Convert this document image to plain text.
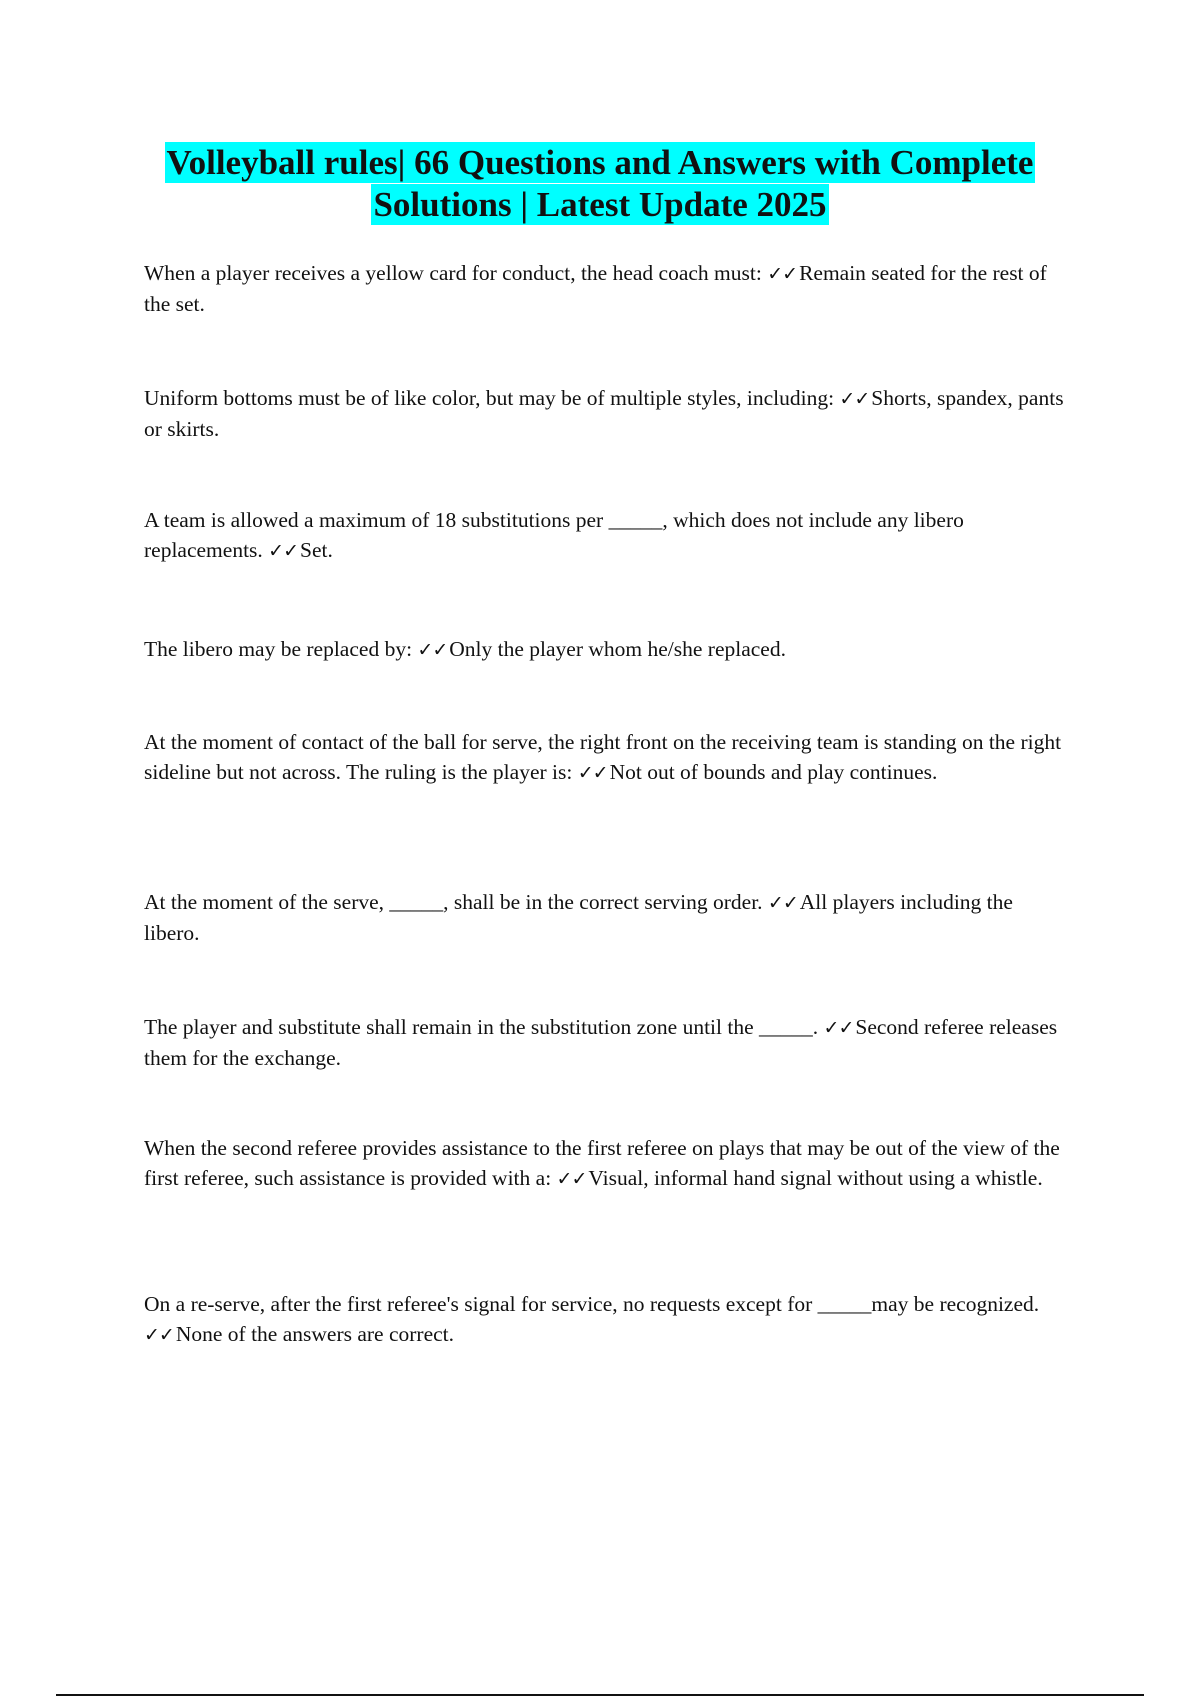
Volleyball rules| 66 Questions and Answers with Complete Solutions | Latest Update 2025

When a player receives a yellow card for conduct, the head coach must: ✓✓Remain seated for the rest of the set.

Uniform bottoms must be of like color, but may be of multiple styles, including: ✓✓Shorts, spandex, pants or skirts.

A team is allowed a maximum of 18 substitutions per _____, which does not include any libero replacements. ✓✓Set.

The libero may be replaced by: ✓✓Only the player whom he/she replaced.

At the moment of contact of the ball for serve, the right front on the receiving team is standing on the right sideline but not across. The ruling is the player is: ✓✓Not out of bounds and play continues.

At the moment of the serve, _____, shall be in the correct serving order. ✓✓All players including the libero.

The player and substitute shall remain in the substitution zone until the _____. ✓✓Second referee releases them for the exchange.

When the second referee provides assistance to the first referee on plays that may be out of the view of the first referee, such assistance is provided with a: ✓✓Visual, informal hand signal without using a whistle.

On a re-serve, after the first referee's signal for service, no requests except for _____may be recognized. ✓✓None of the answers are correct.
